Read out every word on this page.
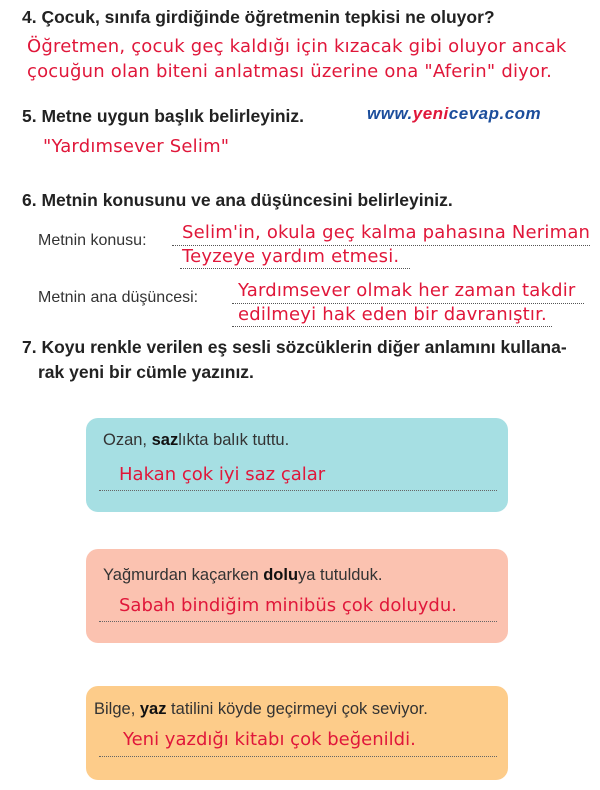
4. Çocuk, sınıfa girdiğinde öğretmenin tepkisi ne oluyor?
Öğretmen, çocuk geç kaldığı için kızacak gibi oluyor ancak
çocuğun olan biteni anlatması üzerine ona "Aferin" diyor.
5. Metne uygun başlık belirleyiniz.	www.yenicevap.com
"Yardımsever Selim"
6. Metnin konusunu ve ana düşüncesini belirleyiniz.
Metnin konusu: Selim'in, okula geç kalma pahasına Neriman
Teyzeye yardım etmesi.
Metnin ana düşüncesi: Yardımsever olmak her zaman takdir
edilmeyi hak eden bir davranıştır.
7. Koyu renkle verilen eş sesli sözcüklerin diğer anlamını kullana-
rak yeni bir cümle yazınız.
Ozan, sazlıkta balık tuttu.
Hakan çok iyi saz çalar
Yağmurdan kaçarken doluya tutulduk.
Sabah bindiğim minibüs çok doluydu.
Bilge, yaz tatilini köyde geçirmeyi çok seviyor.
Yeni yazdığı kitabı çok beğenildi.
